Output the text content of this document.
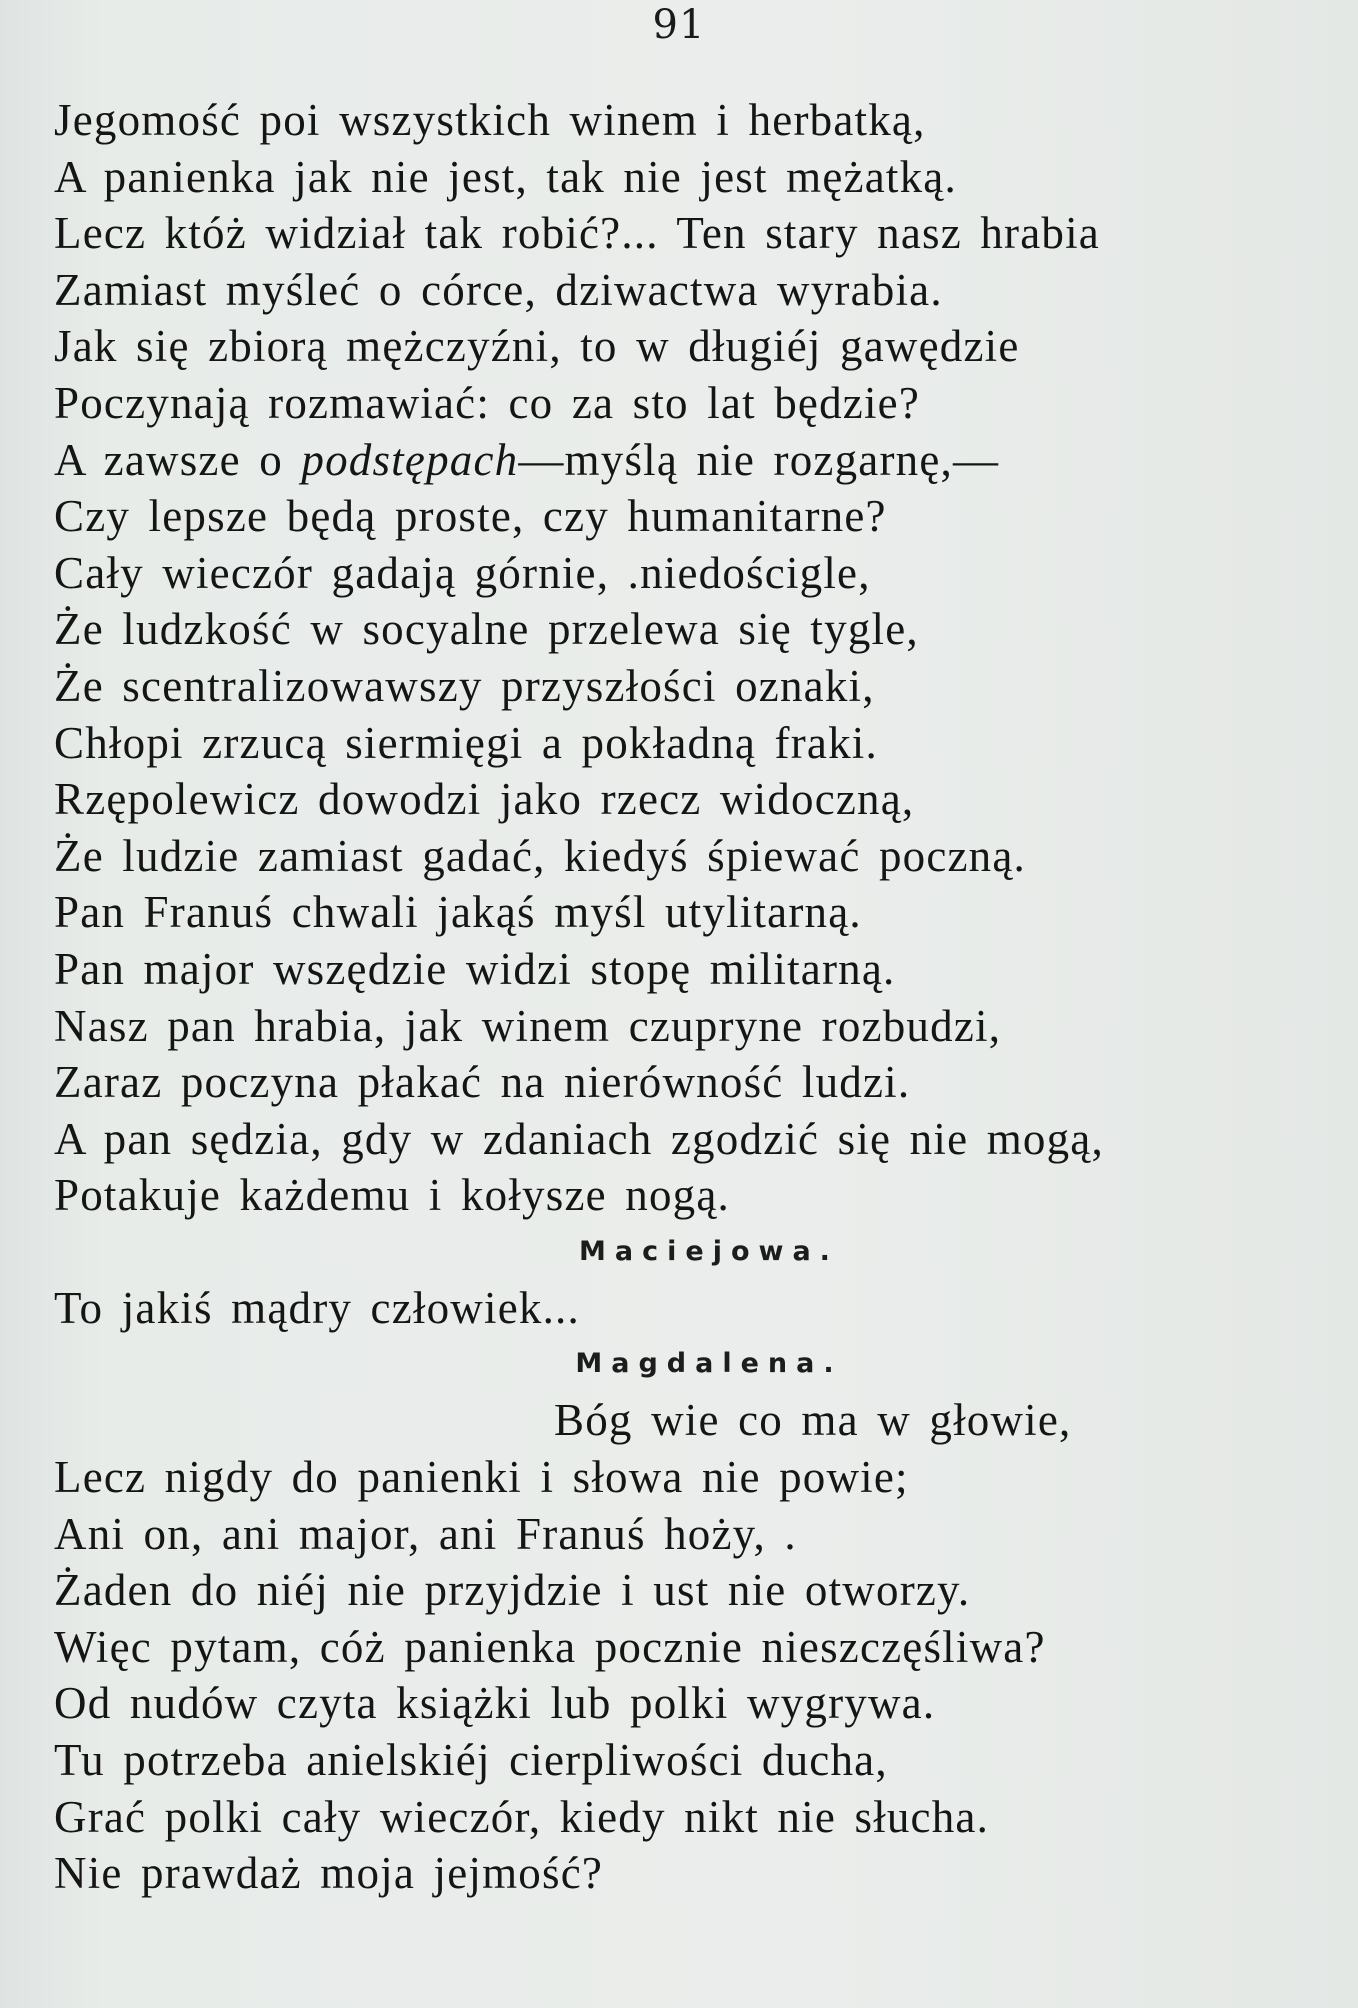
91
Jegomość poi wszystkich winem i herbatką,
A panienka jak nie jest, tak nie jest mężatką.
Lecz któż widział tak robić?... Ten stary nasz hrabia
Zamiast myśleć o córce, dziwactwa wyrabia.
Jak się zbiorą mężczyźni, to w długiéj gawędzie
Poczynają rozmawiać: co za sto lat będzie?
A zawsze o podstępach—myślą nie rozgarnę,—
Czy lepsze będą proste, czy humanitarne?
Cały wieczór gadają górnie, .niedościgle,
Że ludzkość w socyalne przelewa się tygle,
Że scentralizowawszy przyszłości oznaki,
Chłopi zrzucą siermięgi a pokładną fraki.
Rzępolewicz dowodzi jako rzecz widoczną,
Że ludzie zamiast gadać, kiedyś śpiewać poczną.
Pan Franuś chwali jakąś myśl utylitarną.
Pan major wszędzie widzi stopę militarną.
Nasz pan hrabia, jak winem czupryne rozbudzi,
Zaraz poczyna płakać na nierówność ludzi.
A pan sędzia, gdy w zdaniach zgodzić się nie mogą,
Potakuje każdemu i kołysze nogą.
Maciejowa.
To jakiś mądry człowiek...
Magdalena.
Bóg wie co ma w głowie,
Lecz nigdy do panienki i słowa nie powie;
Ani on, ani major, ani Franuś hoży, .
Żaden do niéj nie przyjdzie i ust nie otworzy.
Więc pytam, cóż panienka pocznie nieszczęśliwa?
Od nudów czyta książki lub polki wygrywa.
Tu potrzeba anielskiéj cierpliwości ducha,
Grać polki cały wieczór, kiedy nikt nie słucha.
Nie prawdaż moja jejmość?
